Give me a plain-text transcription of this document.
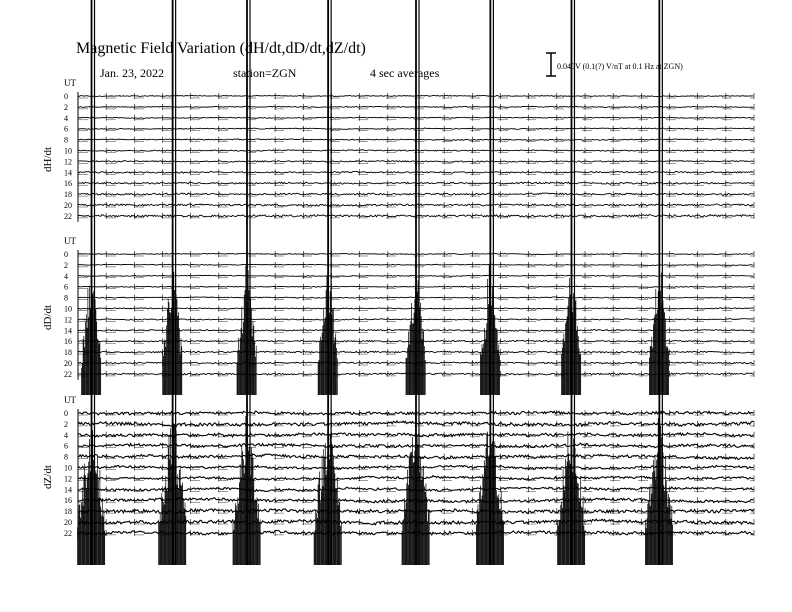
Magnetic Field Variation (dH/dt,dD/dt,dZ/dt)
Jan. 23, 2022	station=ZGN	4 sec averages	0.040V (0.1(?) V/nT at 0.1 Hz at ZGN)
UT
dH/dt
0
2
4
6
8
10
12
14
16
18
20
22
UT
dD/dt
0
2
4
6
8
10
12
14
16
18
20
22
UT
dZ/dt
0
2
4
6
8
10
12
14
16
18
20
22
